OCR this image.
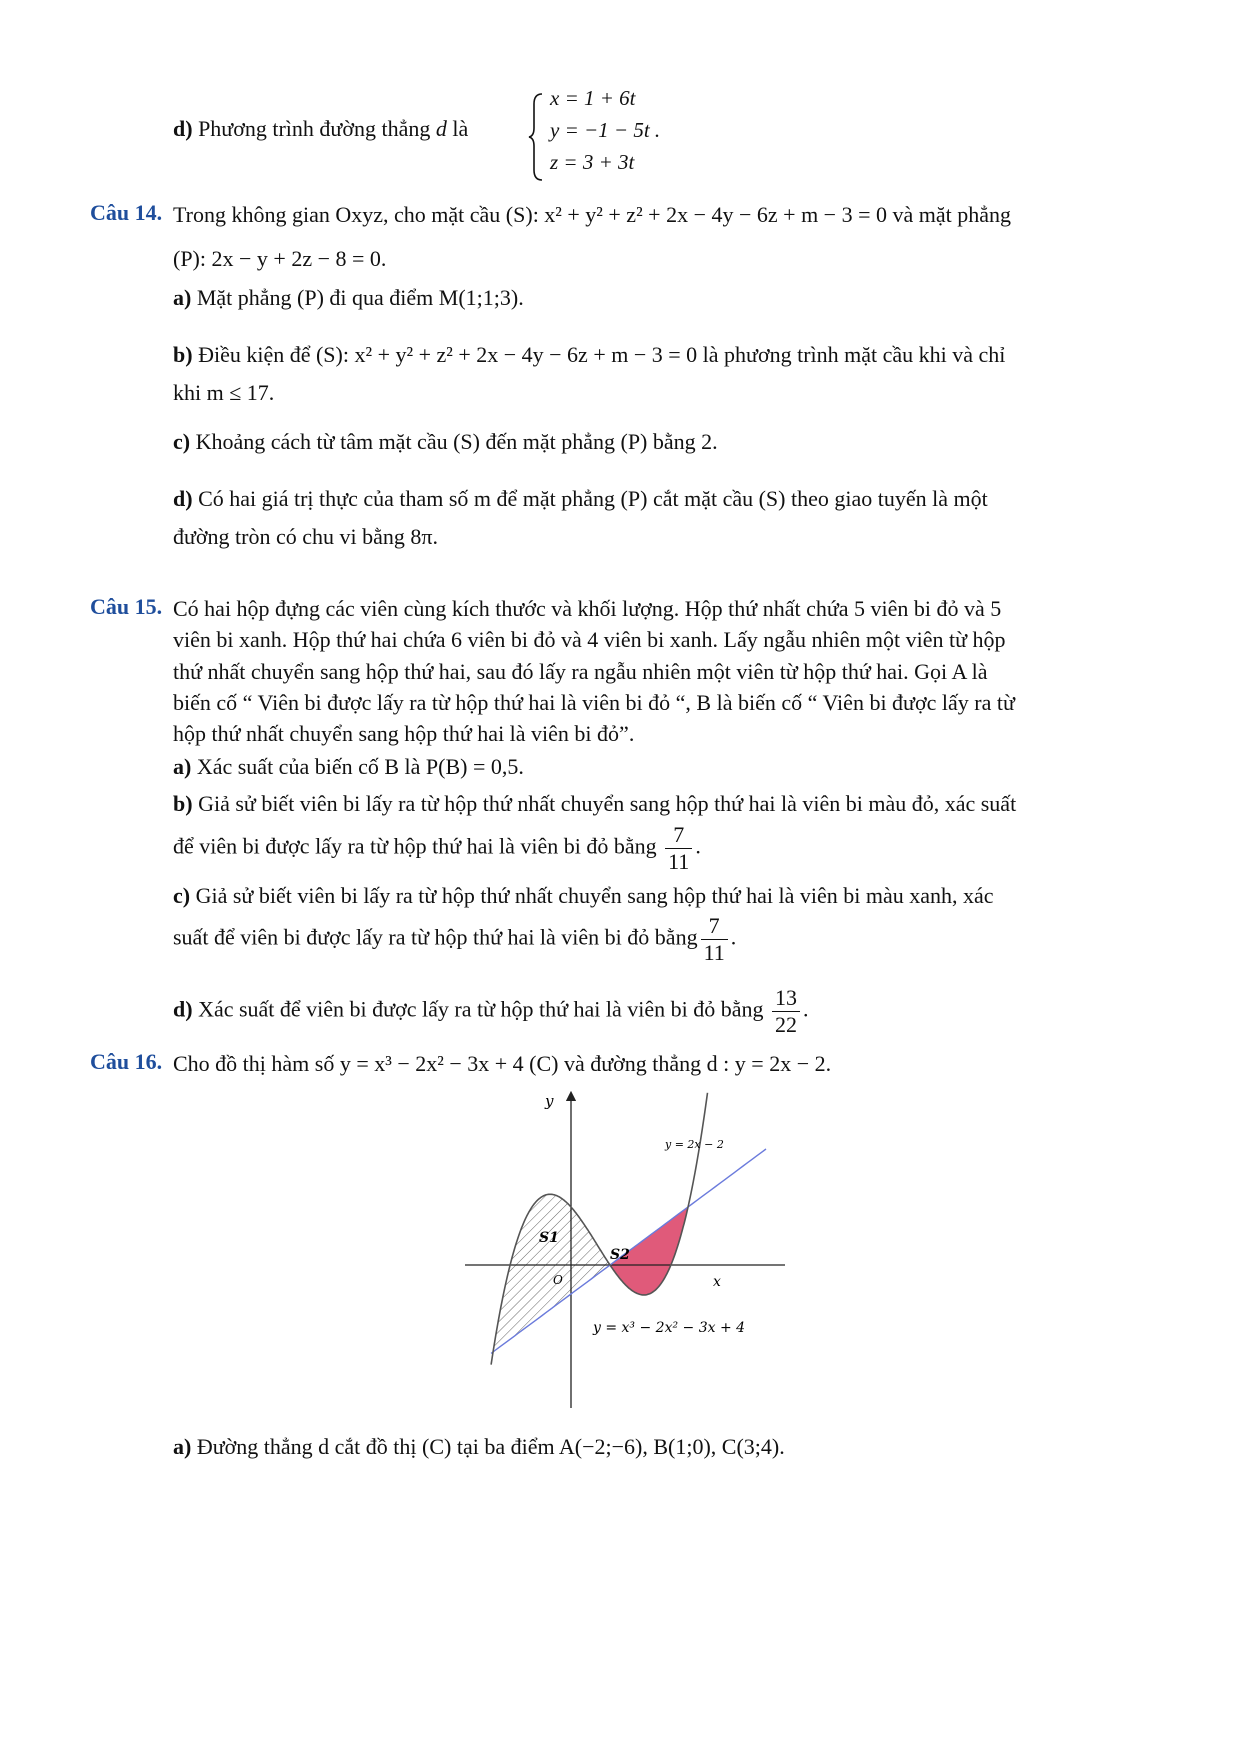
d) Phương trình đường thẳng d là
x = 1 + 6t
y = −1 − 5t .
z = 3 + 3t
Câu 14. Trong không gian Oxyz, cho mặt cầu (S): x² + y² + z² + 2x − 4y − 6z + m − 3 = 0 và mặt phẳng
(P): 2x − y + 2z − 8 = 0.
a) Mặt phẳng (P) đi qua điểm M(1;1;3).
b) Điều kiện để (S): x² + y² + z² + 2x − 4y − 6z + m − 3 = 0 là phương trình mặt cầu khi và chỉ
khi m ≤ 17.
c) Khoảng cách từ tâm mặt cầu (S) đến mặt phẳng (P) bằng 2.
d) Có hai giá trị thực của tham số m để mặt phẳng (P) cắt mặt cầu (S) theo giao tuyến là một
đường tròn có chu vi bằng 8π.
Câu 15. Có hai hộp đựng các viên cùng kích thước và khối lượng. Hộp thứ nhất chứa 5 viên bi đỏ và 5
viên bi xanh. Hộp thứ hai chứa 6 viên bi đỏ và 4 viên bi xanh. Lấy ngẫu nhiên một viên từ hộp
thứ nhất chuyển sang hộp thứ hai, sau đó lấy ra ngẫu nhiên một viên từ hộp thứ hai. Gọi A là
biến cố “ Viên bi được lấy ra từ hộp thứ hai là viên bi đỏ “, B là biến cố “ Viên bi được lấy ra từ
hộp thứ nhất chuyển sang hộp thứ hai là viên bi đỏ”.
a) Xác suất của biến cố B là P(B) = 0,5.
b) Giả sử biết viên bi lấy ra từ hộp thứ nhất chuyển sang hộp thứ hai là viên bi màu đỏ, xác suất
để viên bi được lấy ra từ hộp thứ hai là viên bi đỏ bằng $\frac{7}{11}$ .
c) Giả sử biết viên bi lấy ra từ hộp thứ nhất chuyển sang hộp thứ hai là viên bi màu xanh, xác
suất để viên bi được lấy ra từ hộp thứ hai là viên bi đỏ bằng $\frac{7}{11}$ .
d) Xác suất để viên bi được lấy ra từ hộp thứ hai là viên bi đỏ bằng $\frac{13}{22}$ .
Câu 16. Cho đồ thị hàm số y = x³ − 2x² − 3x + 4 (C) và đường thẳng d : y = 2x − 2.
y
x
O
S1
S2
y = 2x − 2
y = x³ − 2x² − 3x + 4
a) Đường thẳng d cắt đồ thị (C) tại ba điểm A(−2;−6), B(1;0), C(3;4).
